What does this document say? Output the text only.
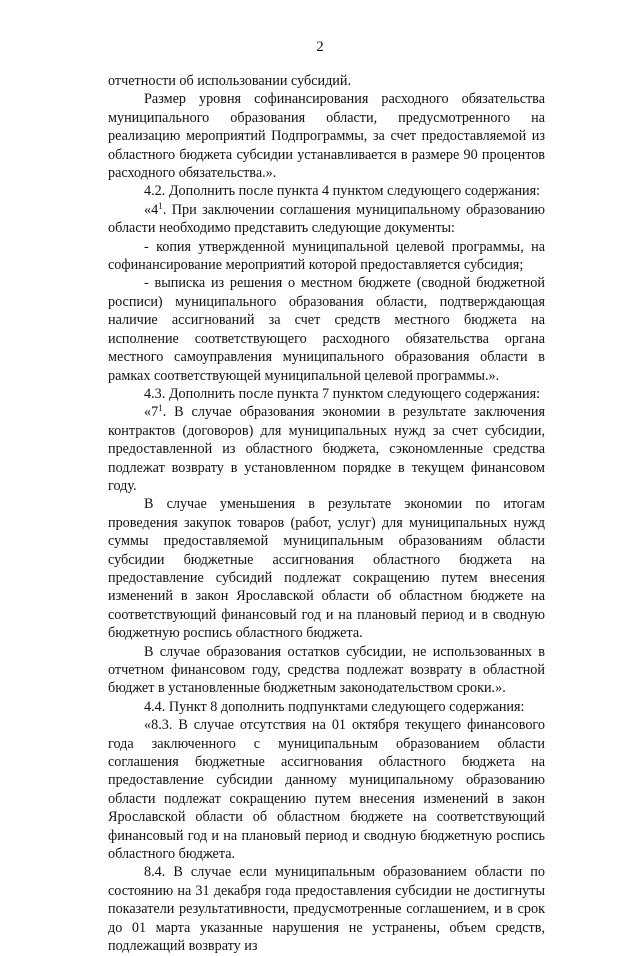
2

отчетности об использовании субсидий.

Размер уровня софинансирования расходного обязательства муниципального образования области, предусмотренного на реализацию мероприятий Подпрограммы, за счет предоставляемой из областного бюджета субсидии устанавливается в размере 90 процентов расходного обязательства.».

4.2. Дополнить после пункта 4 пунктом следующего содержания:

«$4^1$. При заключении соглашения муниципальному образованию области необходимо представить следующие документы:

- копия утвержденной муниципальной целевой программы, на софинансирование мероприятий которой предоставляется субсидия;

- выписка из решения о местном бюджете (сводной бюджетной росписи) муниципального образования области, подтверждающая наличие ассигнований за счет средств местного бюджета на исполнение соответствующего расходного обязательства органа местного самоуправления муниципального образования области в рамках соответствующей муниципальной целевой программы.».

4.3. Дополнить после пункта 7 пунктом следующего содержания:

«$7^1$. В случае образования экономии в результате заключения контрактов (договоров) для муниципальных нужд за счет субсидии, предоставленной из областного бюджета, сэкономленные средства подлежат возврату в установленном порядке в текущем финансовом году.

В случае уменьшения в результате экономии по итогам проведения закупок товаров (работ, услуг) для муниципальных нужд суммы предоставляемой муниципальным образованиям области субсидии бюджетные ассигнования областного бюджета на предоставление субсидий подлежат сокращению путем внесения изменений в закон Ярославской области об областном бюджете на соответствующий финансовый год и на плановый период и в сводную бюджетную роспись областного бюджета.

В случае образования остатков субсидии, не использованных в отчетном финансовом году, средства подлежат возврату в областной бюджет в установленные бюджетным законодательством сроки.».

4.4. Пункт 8 дополнить подпунктами следующего содержания:

«8.3. В случае отсутствия на 01 октября текущего финансового года заключенного с муниципальным образованием области соглашения бюджетные ассигнования областного бюджета на предоставление субсидии данному муниципальному образованию области подлежат сокращению путем внесения изменений в закон Ярославской области об областном бюджете на соответствующий финансовый год и на плановый период и сводную бюджетную роспись областного бюджета.

8.4. В случае если муниципальным образованием области по состоянию на 31 декабря года предоставления субсидии не достигнуты показатели результативности, предусмотренные соглашением, и в срок до 01 марта указанные нарушения не устранены, объем средств, подлежащий возврату из
